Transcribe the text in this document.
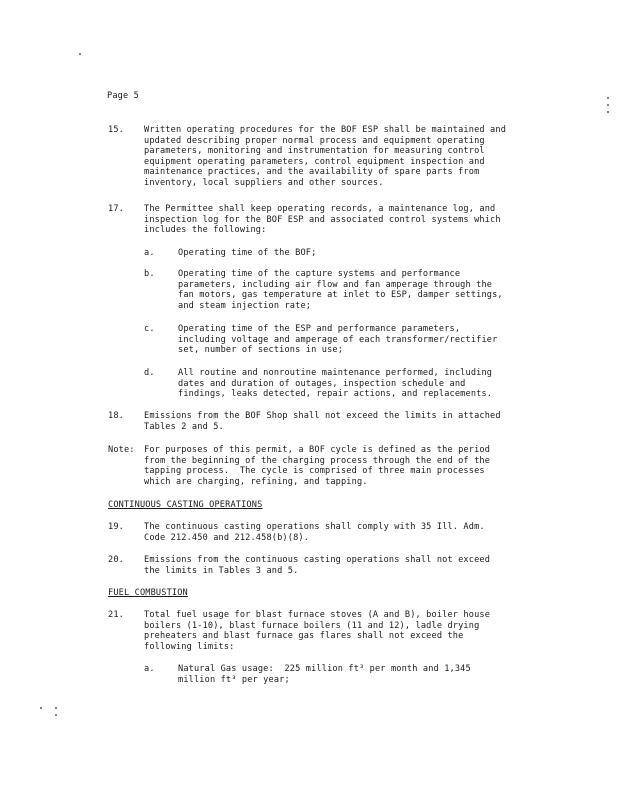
Page 5
15. Written operating procedures for the BOF ESP shall be maintained and
updated describing proper normal process and equipment operating
parameters, monitoring and instrumentation for measuring control
equipment operating parameters, control equipment inspection and
maintenance practices, and the availability of spare parts from
inventory, local suppliers and other sources.
17. The Permittee shall keep operating records, a maintenance log, and
inspection log for the BOF ESP and associated control systems which
includes the following:
a.	Operating time of the BOF;
b.	Operating time of the capture systems and performance
parameters, including air flow and fan amperage through the
fan motors, gas temperature at inlet to ESP, damper settings,
and steam injection rate;
c.	Operating time of the ESP and performance parameters,
including voltage and amperage of each transformer/rectifier
set, number of sections in use;
d.	All routine and nonroutine maintenance performed, including
dates and duration of outages, inspection schedule and
findings, leaks detected, repair actions, and replacements.
18. Emissions from the BOF Shop shall not exceed the limits in attached
Tables 2 and 5.
Note: For purposes of this permit, a BOF cycle is defined as the period
from the beginning of the charging process through the end of the
tapping process.  The cycle is comprised of three main processes
which are charging, refining, and tapping.
CONTINUOUS CASTING OPERATIONS
19. The continuous casting operations shall comply with 35 Ill. Adm.
Code 212.450 and 212.458(b)(8).
20. Emissions from the continuous casting operations shall not exceed
the limits in Tables 3 and 5.
FUEL COMBUSTION
21. Total fuel usage for blast furnace stoves (A and B), boiler house
boilers (1-10), blast furnace boilers (11 and 12), ladle drying
preheaters and blast furnace gas flares shall not exceed the
following limits:
a.	Natural Gas usage:  225 million ft³ per month and 1,345
million ft³ per year;
